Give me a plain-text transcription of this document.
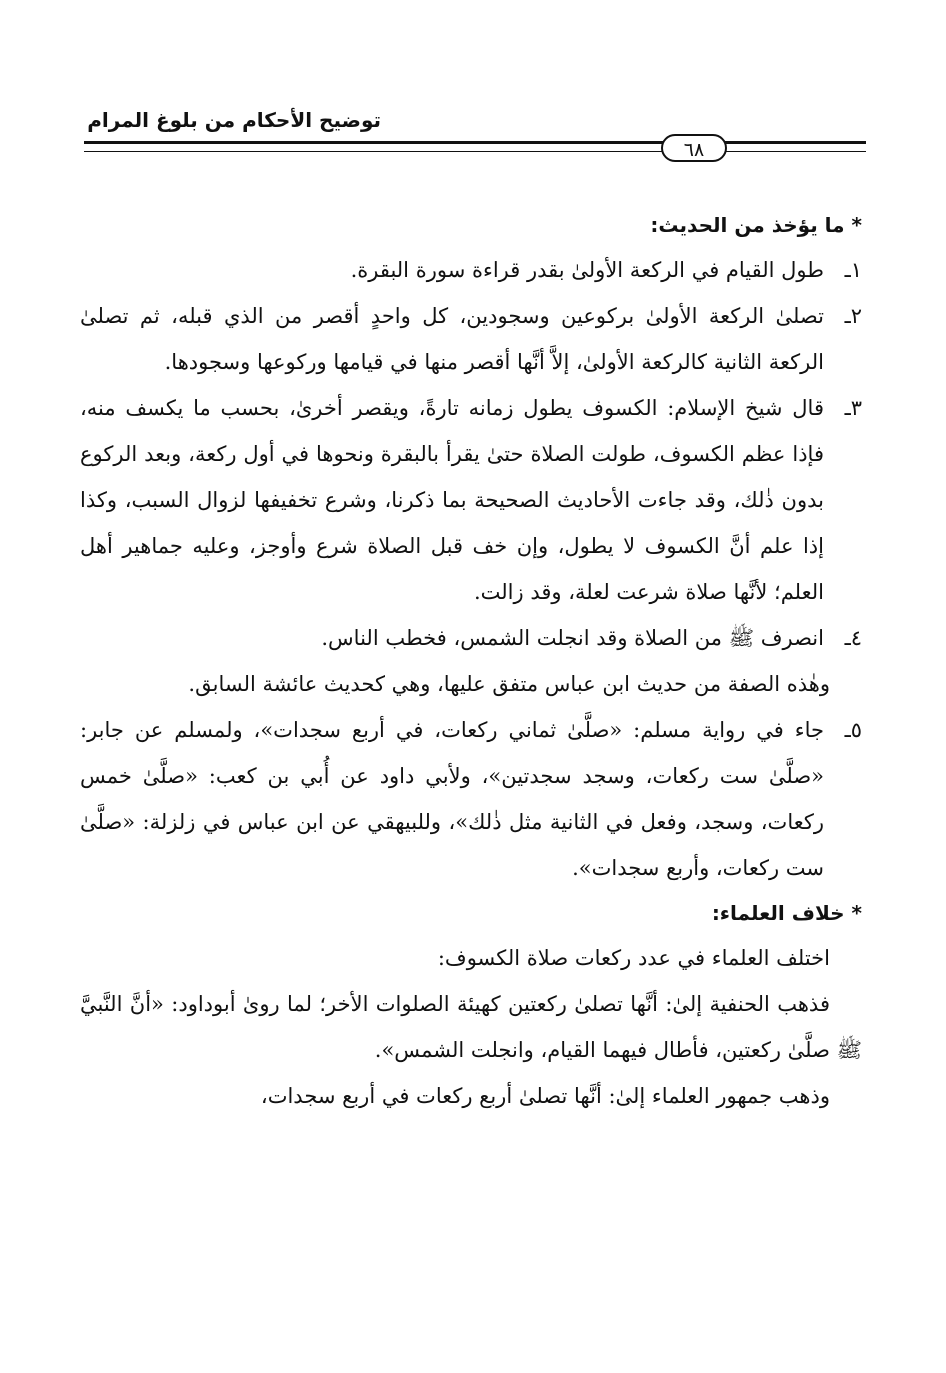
توضيح الأحكام من بلوغ المرام
٦٨

* ما يؤخذ من الحديث:

١ـ
طول القيام في الركعة الأولىٰ بقدر قراءة سورة البقرة.
٢ـ
تصلىٰ الركعة الأولىٰ بركوعين وسجودين، كل واحدٍ أقصر من الذي قبله، ثم تصلىٰ الركعة الثانية كالركعة الأولىٰ، إلاَّ أنَّها أقصر منها في قيامها وركوعها وسجودها.
٣ـ
قال شيخ الإسلام: الكسوف يطول زمانه تارةً، ويقصر أخرىٰ، بحسب ما يكسف منه، فإذا عظم الكسوف، طولت الصلاة حتىٰ يقرأ بالبقرة ونحوها في أول ركعة، وبعد الركوع بدون ذٰلك، وقد جاءت الأحاديث الصحيحة بما ذكرنا، وشرع تخفيفها لزوال السبب، وكذا إذا علم أنَّ الكسوف لا يطول، وإن خف قبل الصلاة شرع وأوجز، وعليه جماهير أهل العلم؛ لأنَّها صلاة شرعت لعلة، وقد زالت.
٤ـ
انصرف ﷺ من الصلاة وقد انجلت الشمس، فخطب الناس.

وهٰذه الصفة من حديث ابن عباس متفق عليها، وهي كحديث عائشة السابق.

٥ـ
جاء في رواية مسلم: «صلَّىٰ ثماني ركعات، في أربع سجدات»، ولمسلم عن جابر: «صلَّىٰ ست ركعات، وسجد سجدتين»، ولأبي داود عن أُبي بن كعب: «صلَّىٰ خمس ركعات، وسجد، وفعل في الثانية مثل ذٰلك»، وللبيهقي عن ابن عباس في زلزلة: «صلَّىٰ ست ركعات، وأربع سجدات».

* خلاف العلماء:

اختلف العلماء في عدد ركعات صلاة الكسوف:

فذهب الحنفية إلىٰ: أنَّها تصلىٰ ركعتين كهيئة الصلوات الأخر؛ لما روىٰ أبوداود: «أنَّ النَّبيَّ ﷺ صلَّىٰ ركعتين، فأطال فيهما القيام، وانجلت الشمس».

وذهب جمهور العلماء إلىٰ: أنَّها تصلىٰ أربع ركعات في أربع سجدات،
